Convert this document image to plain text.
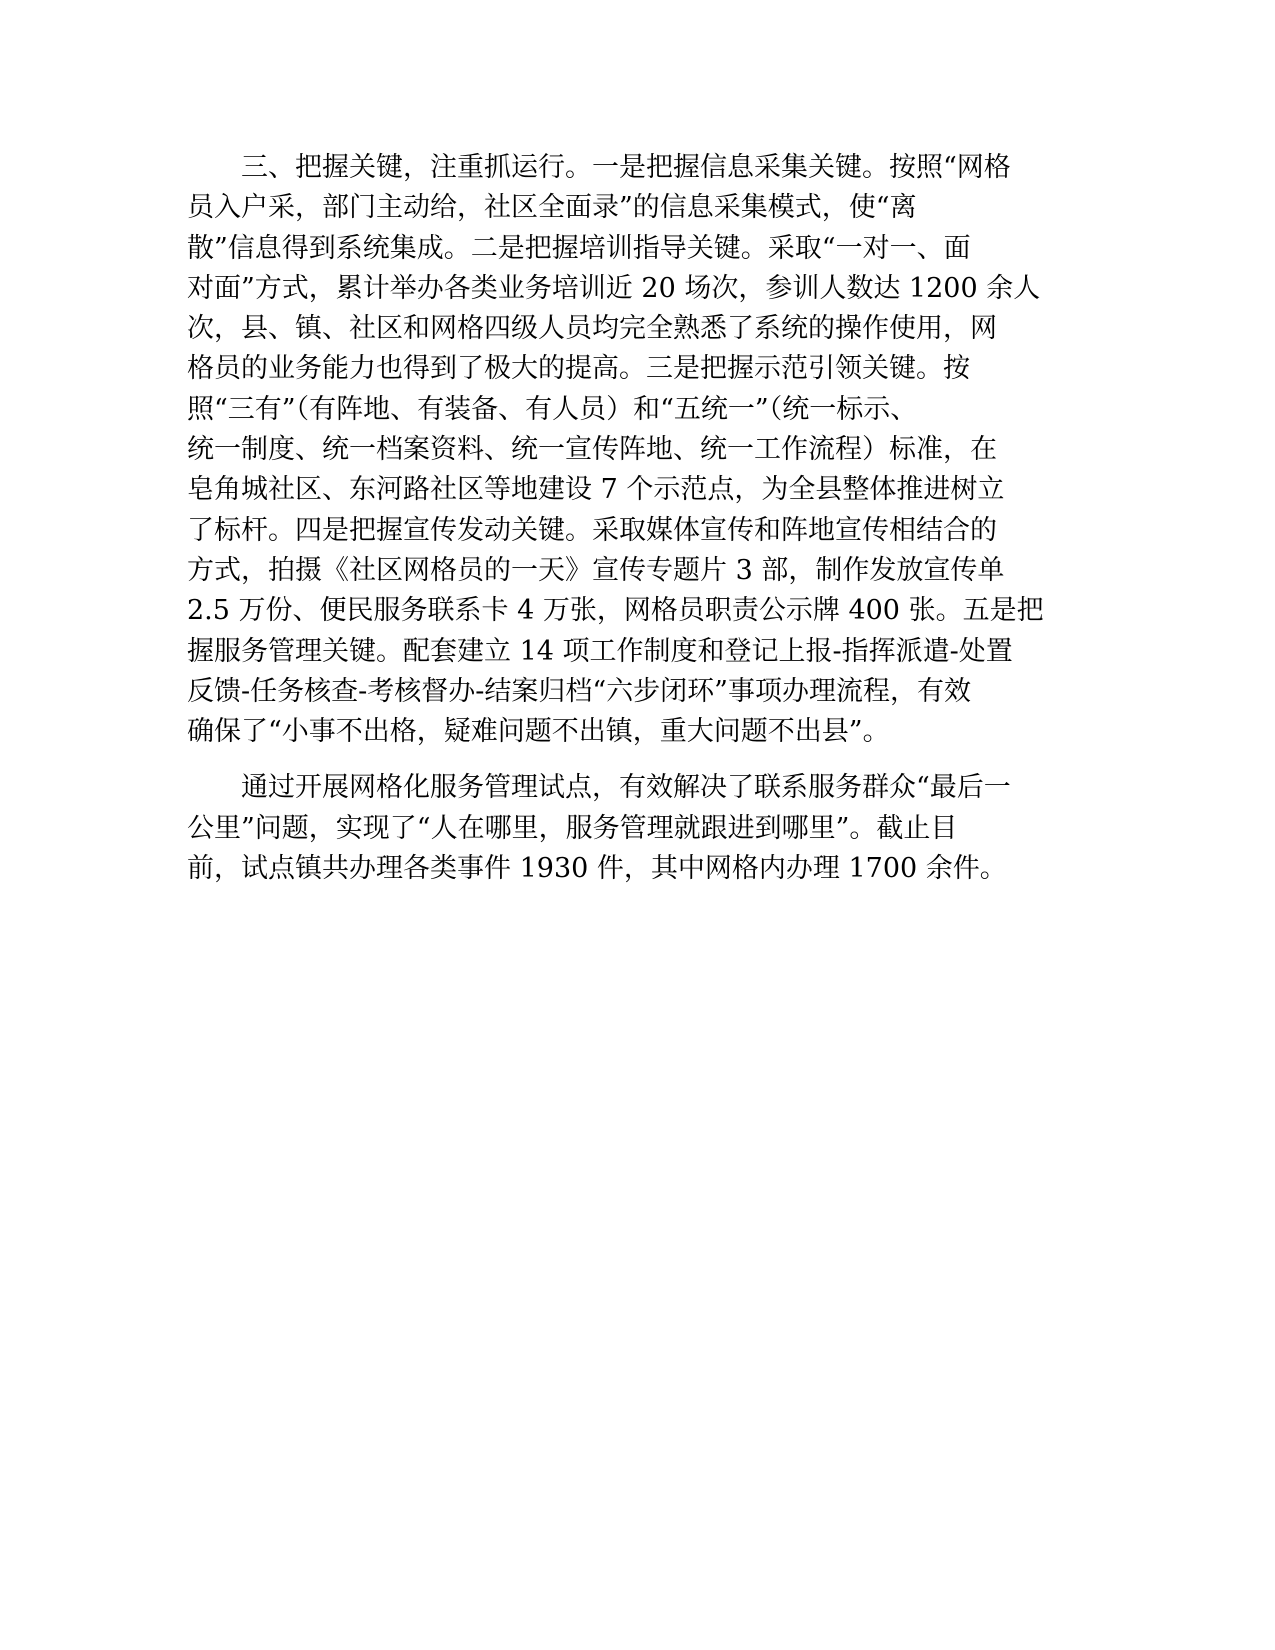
　　三、把握关键，注重抓运行。一是把握信息采集关键。按照“网格
员入户采，部门主动给，社区全面录”的信息采集模式，使“离
散”信息得到系统集成。二是把握培训指导关键。采取“一对一、面
对面”方式，累计举办各类业务培训近 20 场次，参训人数达 1200 余人
次，县、镇、社区和网格四级人员均完全熟悉了系统的操作使用，网
格员的业务能力也得到了极大的提高。三是把握示范引领关键。按
照“三有”（有阵地、有装备、有人员）和“五统一”（统一标示、
统一制度、统一档案资料、统一宣传阵地、统一工作流程）标准，在
皂角城社区、东河路社区等地建设 7 个示范点，为全县整体推进树立
了标杆。四是把握宣传发动关键。采取媒体宣传和阵地宣传相结合的
方式，拍摄《社区网格员的一天》宣传专题片 3 部，制作发放宣传单
2.5 万份、便民服务联系卡 4 万张，网格员职责公示牌 400 张。五是把
握服务管理关键。配套建立 14 项工作制度和登记上报-指挥派遣-处置
反馈-任务核查-考核督办-结案归档“六步闭环”事项办理流程，有效
确保了“小事不出格，疑难问题不出镇，重大问题不出县”。
　　通过开展网格化服务管理试点，有效解决了联系服务群众“最后一
公里”问题，实现了“人在哪里，服务管理就跟进到哪里”。截止目
前，试点镇共办理各类事件 1930 件，其中网格内办理 1700 余件。
